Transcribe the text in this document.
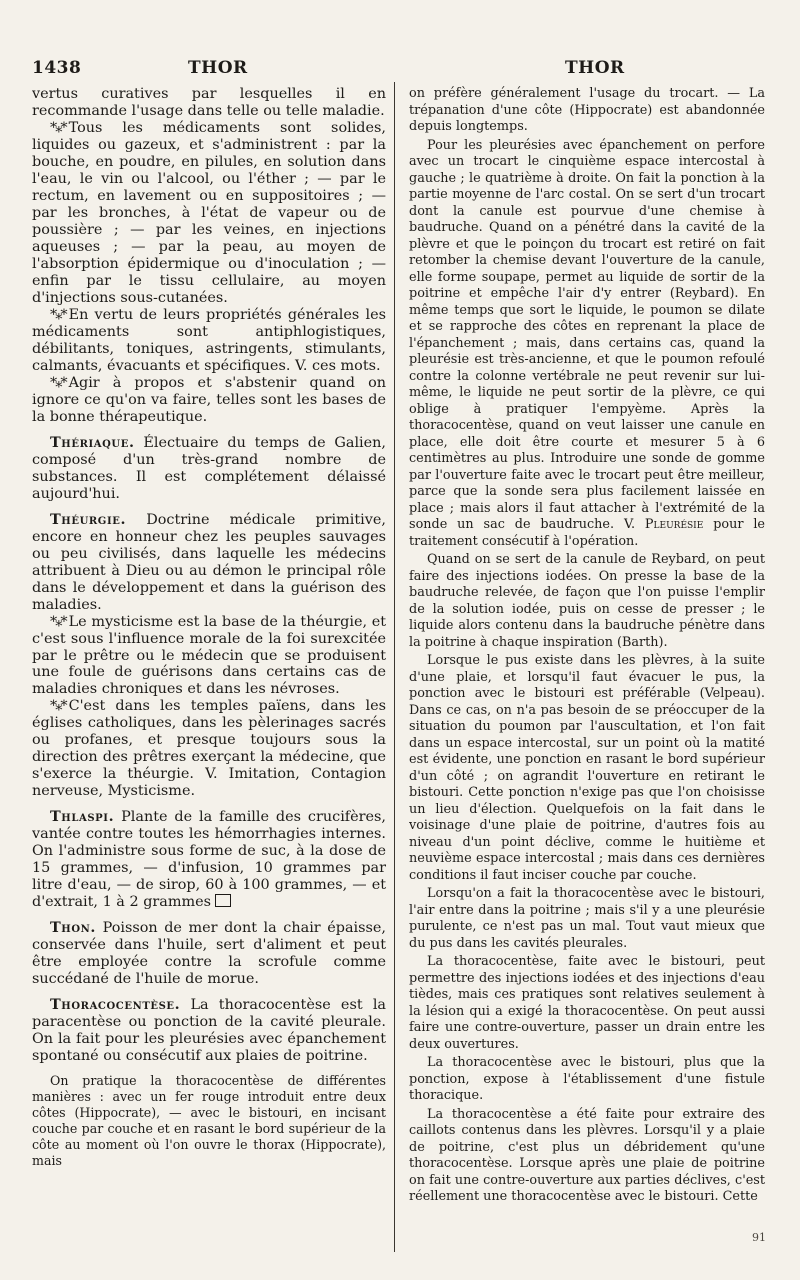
1438	THOR	THOR

vertus curatives par lesquelles il en recommande l'usage dans telle ou telle maladie.

*⁎* Tous les médicaments sont solides, liquides ou gazeux, et s'administrent : par la bouche, en poudre, en pilules, en solution dans l'eau, le vin ou l'alcool, ou l'éther ; — par le rectum, en lavement ou en suppositoires ; — par les bronches, à l'état de vapeur ou de poussière ; — par les veines, en injections aqueuses ; — par la peau, au moyen de l'absorption épidermique ou d'inoculation ; — enfin par le tissu cellulaire, au moyen d'injections sous-cutanées.

*⁎* En vertu de leurs propriétés générales les médicaments sont antiphlogistiques, débilitants, toniques, astringents, stimulants, calmants, évacuants et spécifiques. V. ces mots.

*⁎* Agir à propos et s'abstenir quand on ignore ce qu'on va faire, telles sont les bases de la bonne thérapeutique.

Thériaque. Électuaire du temps de Galien, composé d'un très-grand nombre de substances. Il est complétement délaissé aujourd'hui.

Théurgie. Doctrine médicale primitive, encore en honneur chez les peuples sauvages ou peu civilisés, dans laquelle les médecins attribuent à Dieu ou au démon le principal rôle dans le développement et dans la guérison des maladies.

*⁎* Le mysticisme est la base de la théurgie, et c'est sous l'influence morale de la foi surexcitée par le prêtre ou le médecin que se produisent une foule de guérisons dans certains cas de maladies chroniques et dans les névroses.

*⁎* C'est dans les temples païens, dans les églises catholiques, dans les pèlerinages sacrés ou profanes, et presque toujours sous la direction des prêtres exerçant la médecine, que s'exerce la théurgie. V. Imitation, Contagion nerveuse, Mysticisme.

Thlaspi. Plante de la famille des crucifères, vantée contre toutes les hémorrhagies internes. On l'administre sous forme de suc, à la dose de 15 grammes, — d'infusion, 10 grammes par litre d'eau, — de sirop, 60 à 100 grammes, — et d'extrait, 1 à 2 grammes

Thon. Poisson de mer dont la chair épaisse, conservée dans l'huile, sert d'aliment et peut être employée contre la scrofule comme succédané de l'huile de morue.

Thoracocentèse. La thoracocentèse est la paracentèse ou ponction de la cavité pleurale. On la fait pour les pleurésies avec épanchement spontané ou consécutif aux plaies de poitrine.

On pratique la thoracocentèse de différentes manières : avec un fer rouge introduit entre deux côtes (Hippocrate), — avec le bistouri, en incisant couche par couche et en rasant le bord supérieur de la côte au moment où l'on ouvre le thorax (Hippocrate), mais

on préfère généralement l'usage du trocart. — La trépanation d'une côte (Hippocrate) est abandonnée depuis longtemps.

Pour les pleurésies avec épanchement on perfore avec un trocart le cinquième espace intercostal à gauche ; le quatrième à droite. On fait la ponction à la partie moyenne de l'arc costal. On se sert d'un trocart dont la canule est pourvue d'une chemise à baudruche. Quand on a pénétré dans la cavité de la plèvre et que le poinçon du trocart est retiré on fait retomber la chemise devant l'ouverture de la canule, elle forme soupape, permet au liquide de sortir de la poitrine et empêche l'air d'y entrer (Reybard). En même temps que sort le liquide, le poumon se dilate et se rapproche des côtes en reprenant la place de l'épanchement ; mais, dans certains cas, quand la pleurésie est très-ancienne, et que le poumon refoulé contre la colonne vertébrale ne peut revenir sur lui-même, le liquide ne peut sortir de la plèvre, ce qui oblige à pratiquer l'empyème. Après la thoracocentèse, quand on veut laisser une canule en place, elle doit être courte et mesurer 5 à 6 centimètres au plus. Introduire une sonde de gomme par l'ouverture faite avec le trocart peut être meilleur, parce que la sonde sera plus facilement laissée en place ; mais alors il faut attacher à l'extrémité de la sonde un sac de baudruche. V. Pleurésie pour le traitement consécutif à l'opération.

Quand on se sert de la canule de Reybard, on peut faire des injections iodées. On presse la base de la baudruche relevée, de façon que l'on puisse l'emplir de la solution iodée, puis on cesse de presser ; le liquide alors contenu dans la baudruche pénètre dans la poitrine à chaque inspiration (Barth).

Lorsque le pus existe dans les plèvres, à la suite d'une plaie, et lorsqu'il faut évacuer le pus, la ponction avec le bistouri est préférable (Velpeau). Dans ce cas, on n'a pas besoin de se préoccuper de la situation du poumon par l'auscultation, et l'on fait dans un espace intercostal, sur un point où la matité est évidente, une ponction en rasant le bord supérieur d'un côté ; on agrandit l'ouverture en retirant le bistouri. Cette ponction n'exige pas que l'on choisisse un lieu d'élection. Quelquefois on la fait dans le voisinage d'une plaie de poitrine, d'autres fois au niveau d'un point déclive, comme le huitième et neuvième espace intercostal ; mais dans ces dernières conditions il faut inciser couche par couche.

Lorsqu'on a fait la thoracocentèse avec le bistouri, l'air entre dans la poitrine ; mais s'il y a une pleurésie purulente, ce n'est pas un mal. Tout vaut mieux que du pus dans les cavités pleurales.

La thoracocentèse, faite avec le bistouri, peut permettre des injections iodées et des injections d'eau tièdes, mais ces pratiques sont relatives seulement à la lésion qui a exigé la thoracocentèse. On peut aussi faire une contre-ouverture, passer un drain entre les deux ouvertures.

La thoracocentèse avec le bistouri, plus que la ponction, expose à l'établissement d'une fistule thoracique.

La thoracocentèse a été faite pour extraire des caillots contenus dans les plèvres. Lorsqu'il y a plaie de poitrine, c'est plus un débridement qu'une thoracocentèse. Lorsque après une plaie de poitrine on fait une contre-ouverture aux parties déclives, c'est réellement une thoracocentèse avec le bistouri. Cette

91
